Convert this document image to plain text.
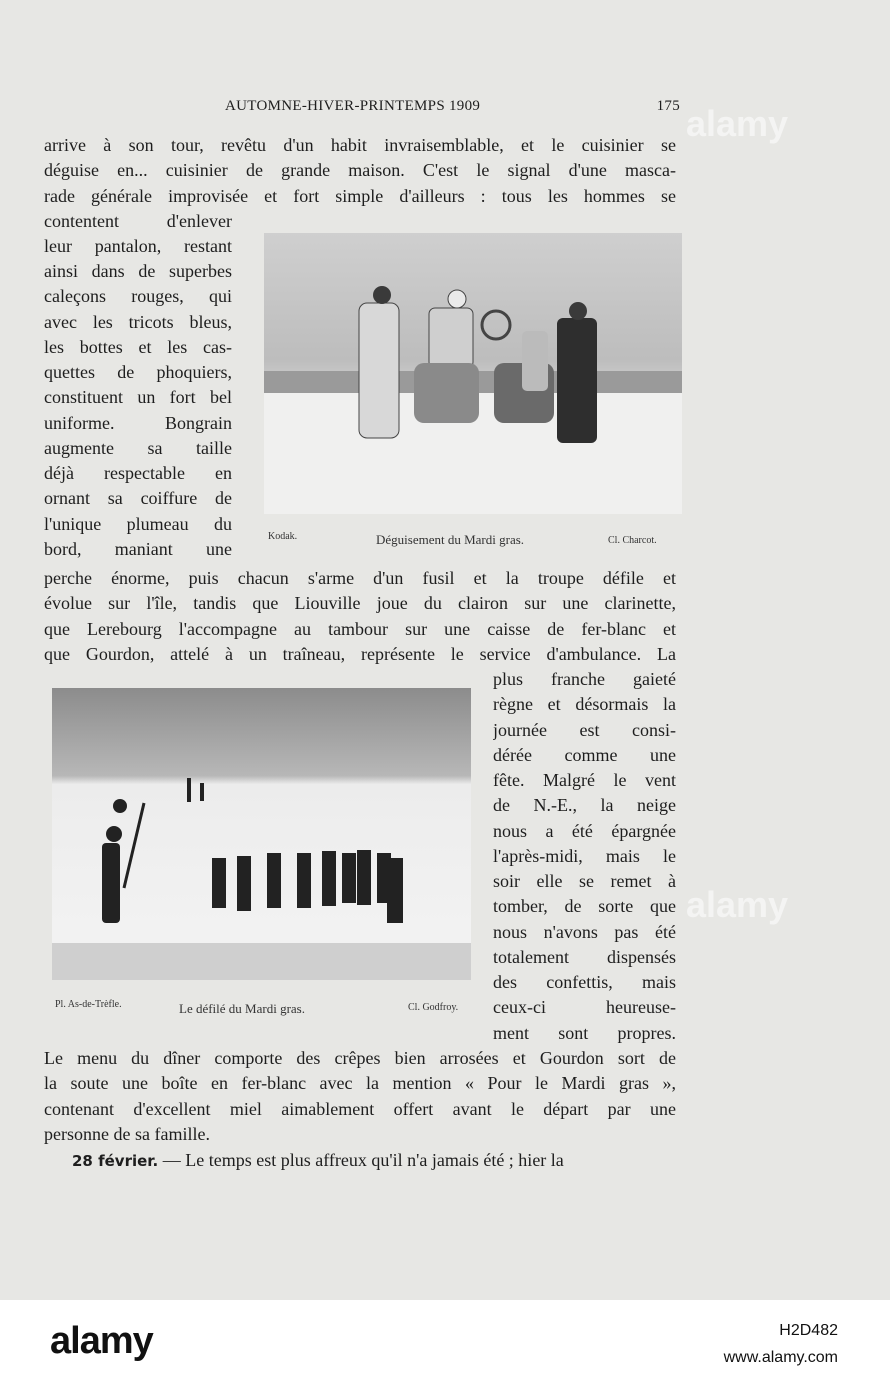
AUTOMNE-HIVER-PRINTEMPS 1909	175
Kodak.	Déguisement du Mardi gras.	Cl. Charcot.
Pl. As-de-Trèfle.	Le défilé du Mardi gras.	Cl. Godfroy.
arrive à son tour, revêtu d'un habit invraisemblable, et le cuisinier se
déguise en... cuisinier de grande maison. C'est le signal d'une masca-
rade générale improvisée et fort simple d'ailleurs : tous les hommes se
contentent d'enlever
leur pantalon, restant
ainsi dans de superbes
caleçons rouges, qui
avec les tricots bleus,
les bottes et les cas-
quettes de phoquiers,
constituent un fort bel
uniforme. Bongrain
augmente sa taille
déjà respectable en
ornant sa coiffure de
l'unique plumeau du
bord, maniant une
perche énorme, puis chacun s'arme d'un fusil et la troupe défile et
évolue sur l'île, tandis que Liouville joue du clairon sur une clarinette,
que Lerebourg l'accompagne au tambour sur une caisse de fer-blanc et
que Gourdon, attelé à un traîneau, représente le service d'ambulance. La
plus franche gaieté
règne et désormais la
journée est consi-
dérée comme une
fête. Malgré le vent
de N.-E., la neige
nous a été épargnée
l'après-midi, mais le
soir elle se remet à
tomber, de sorte que
nous n'avons pas été
totalement dispensés
des confettis, mais
ceux-ci heureuse-
ment sont propres.
Le menu du dîner comporte des crêpes bien arrosées et Gourdon sort de
la soute une boîte en fer-blanc avec la mention « Pour le Mardi gras »,
contenant d'excellent miel aimablement offert avant le départ par une
personne de sa famille.
28 février. — Le temps est plus affreux qu'il n'a jamais été ; hier la
alamy
alamy
alamy	H2D482
www.alamy.com
